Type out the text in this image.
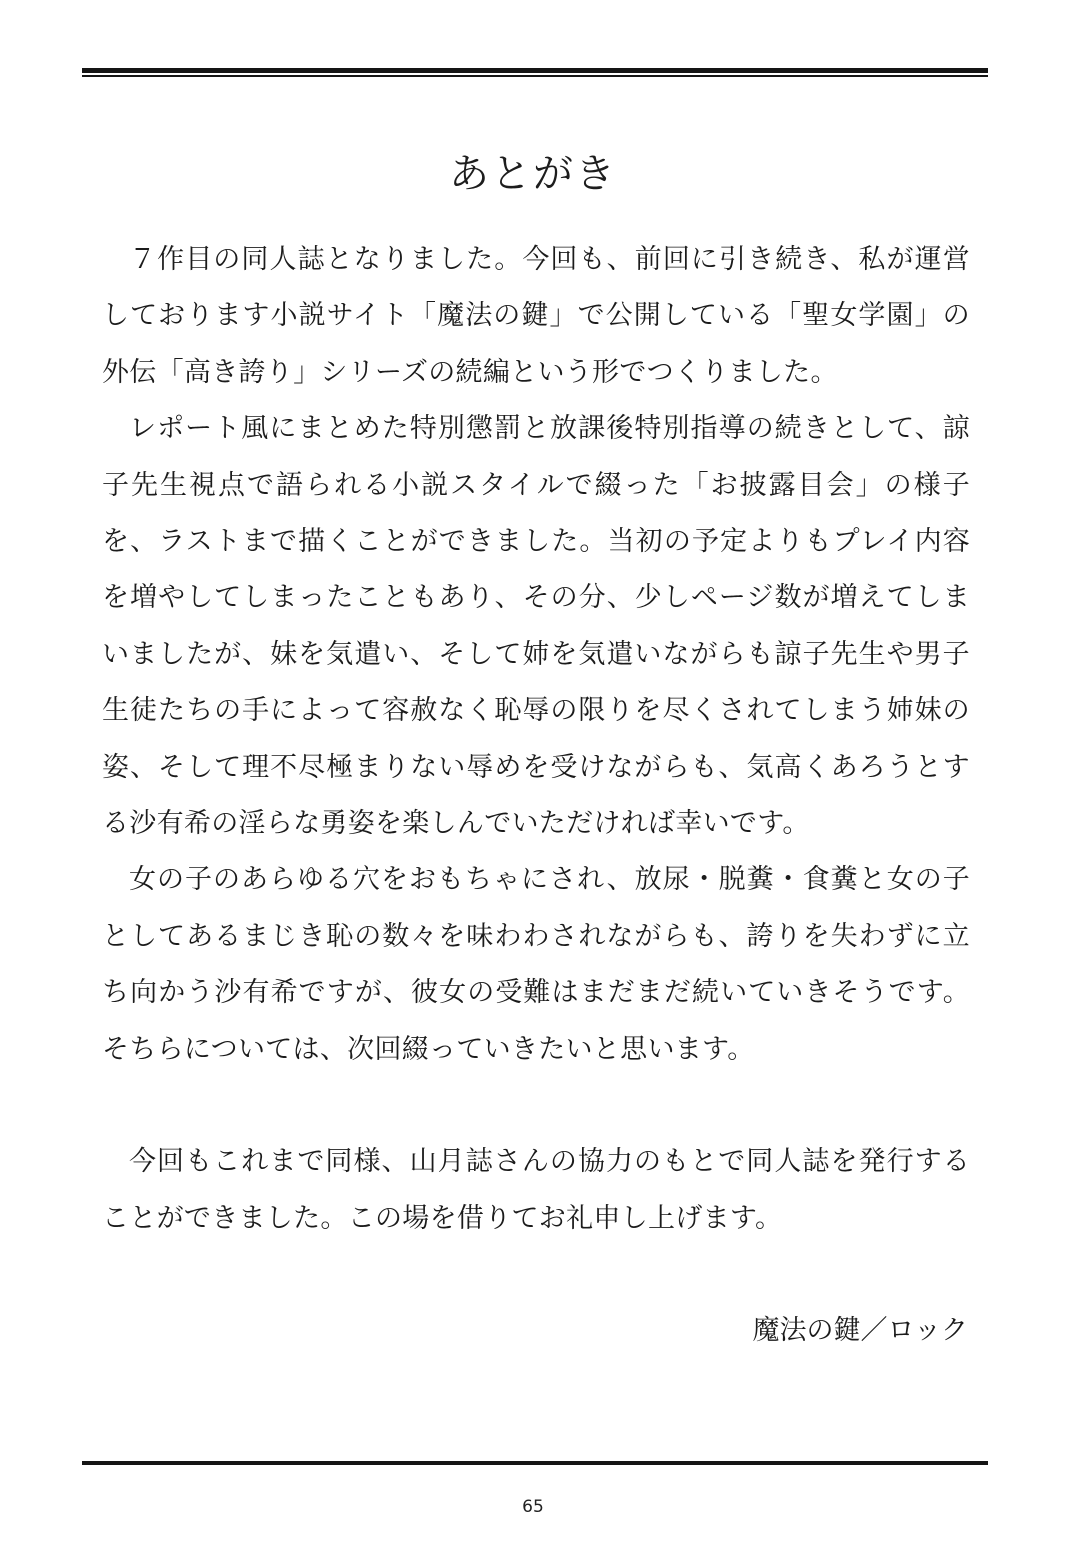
あとがき

７作目の同人誌となりました。今回も、前回に引き続き、私が運営しております小説サイト「魔法の鍵」で公開している「聖女学園」の外伝「高き誇り」シリーズの続編という形でつくりました。

レポート風にまとめた特別懲罰と放課後特別指導の続きとして、諒子先生視点で語られる小説スタイルで綴った「お披露目会」の様子を、ラストまで描くことができました。当初の予定よりもプレイ内容を増やしてしまったこともあり、その分、少しページ数が増えてしまいましたが、妹を気遣い、そして姉を気遣いながらも諒子先生や男子生徒たちの手によって容赦なく恥辱の限りを尽くされてしまう姉妹の姿、そして理不尽極まりない辱めを受けながらも、気高くあろうとする沙有希の淫らな勇姿を楽しんでいただければ幸いです。

女の子のあらゆる穴をおもちゃにされ、放尿・脱糞・食糞と女の子としてあるまじき恥の数々を味わわされながらも、誇りを失わずに立ち向かう沙有希ですが、彼女の受難はまだまだ続いていきそうです。そちらについては、次回綴っていきたいと思います。

今回もこれまで同様、山月誌さんの協力のもとで同人誌を発行することができました。この場を借りてお礼申し上げます。

魔法の鍵／ロック
65
